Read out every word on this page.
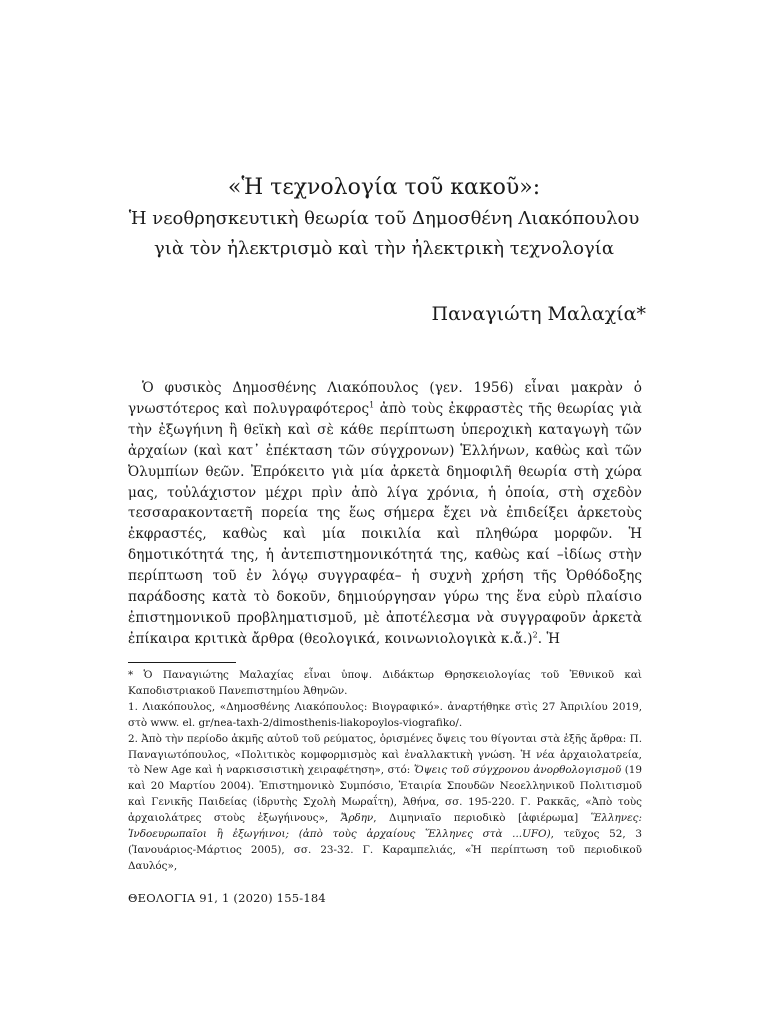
«Ἡ τεχνολογία τοῦ κακοῦ»:
Ἡ νεοθρησκευτικὴ θεωρία τοῦ Δημοσθένη Λιακόπουλου
γιὰ τὸν ἠλεκτρισμὸ καὶ τὴν ἠλεκτρικὴ τεχνολογία

Παναγιώτη Μαλαχία*

Ὁ φυσικὸς Δημοσθένης Λιακόπουλος (γεν. 1956) εἶναι μακρὰν ὁ γνωστότερος καὶ πολυγραφότερος$^1$ ἀπὸ τοὺς ἐκφραστὲς τῆς θεωρίας γιὰ τὴν ἐξωγήινη ἢ θεϊκὴ καὶ σὲ κάθε περίπτωση ὑπεροχικὴ καταγωγὴ τῶν ἀρχαίων (καὶ κατ᾽ ἐπέκταση τῶν σύγχρονων) Ἑλλήνων, καθὼς καὶ τῶν Ὀλυμπίων θεῶν. Ἐπρόκειτο γιὰ μία ἀρκετὰ δημοφιλῆ θεωρία στὴ χώρα μας, τοὐλάχιστον μέχρι πρὶν ἀπὸ λίγα χρόνια, ἡ ὁποία, στὴ σχεδὸν τεσσαρακονταετῆ πορεία της ἕως σήμερα ἔχει νὰ ἐπιδείξει ἀρκετοὺς ἐκφραστές, καθὼς καὶ μία ποικιλία καὶ πληθώρα μορφῶν. Ἡ δημοτικότητά της, ἡ ἀντεπιστημονικότητά της, καθὼς καί –ἰδίως στὴν περίπτωση τοῦ ἐν λόγῳ συγγραφέα– ἡ συχνὴ χρήση τῆς Ὀρθόδοξης παράδοσης κατὰ τὸ δοκοῦν, δημιούργησαν γύρω της ἕνα εὐρὺ πλαίσιο ἐπιστημονικοῦ προβληματισμοῦ, μὲ ἀποτέλεσμα νὰ συγγραφοῦν ἀρκετὰ ἐπίκαιρα κριτικὰ ἄρθρα (θεολογικά, κοινωνιολογικὰ κ.ἄ.)$^2$. Ἡ

* Ὁ Παναγιώτης Μαλαχίας εἶναι ὑποψ. Διδάκτωρ Θρησκειολογίας τοῦ Ἐθνικοῦ καὶ Καποδιστριακοῦ Πανεπιστημίου Ἀθηνῶν.

1. Λιακόπουλος, «Δημοσθένης Λιακόπουλος: Βιογραφικό». ἀναρτήθηκε στὶς 27 Ἀπριλίου 2019, στὸ www. el. gr/nea-taxh-2/dimosthenis-liakopoylos-viografiko/.

2. Ἀπὸ τὴν περίοδο ἀκμῆς αὐτοῦ τοῦ ρεύματος, ὁρισμένες ὄψεις του θίγονται στὰ ἑξῆς ἄρθρα: Π. Παναγιωτόπουλος, «Πολιτικὸς κομφορμισμὸς καὶ ἐναλλακτικὴ γνώση. Ἡ νέα ἀρχαιολατρεία, τὸ New Age καὶ ἡ ναρκισσιστικὴ χειραφέτηση», στό: Ὄψεις τοῦ σύγχρονου ἀνορθολογισμοῦ (19 καὶ 20 Μαρτίου 2004). Ἐπιστημονικὸ Συμπόσιο, Ἑταιρία Σπουδῶν Νεοελληνικοῦ Πολιτισμοῦ καὶ Γενικῆς Παιδείας (ἱδρυτὴς Σχολὴ Μωραΐτη), Ἀθήνα, σσ. 195-220. Γ. Ρακκᾶς, «Ἀπὸ τοὺς ἀρχαιολάτρες στοὺς ἐξωγήινους», Ἄρδην, Διμηνιαῖο περιοδικὸ [ἀφιέρωμα] Ἕλληνες: Ἰνδοευρωπαῖοι ἢ ἐξωγήινοι; (ἀπὸ τοὺς ἀρχαίους Ἕλληνες στὰ ...UFO), τεῦχος 52, 3 (Ἰανουάριος-Μάρτιος 2005), σσ. 23-32. Γ. Καραμπελιάς, «Ἡ περίπτωση τοῦ περιοδικοῦ Δαυλός»,

ΘΕΟΛΟΓΙΑ 91, 1 (2020) 155-184
